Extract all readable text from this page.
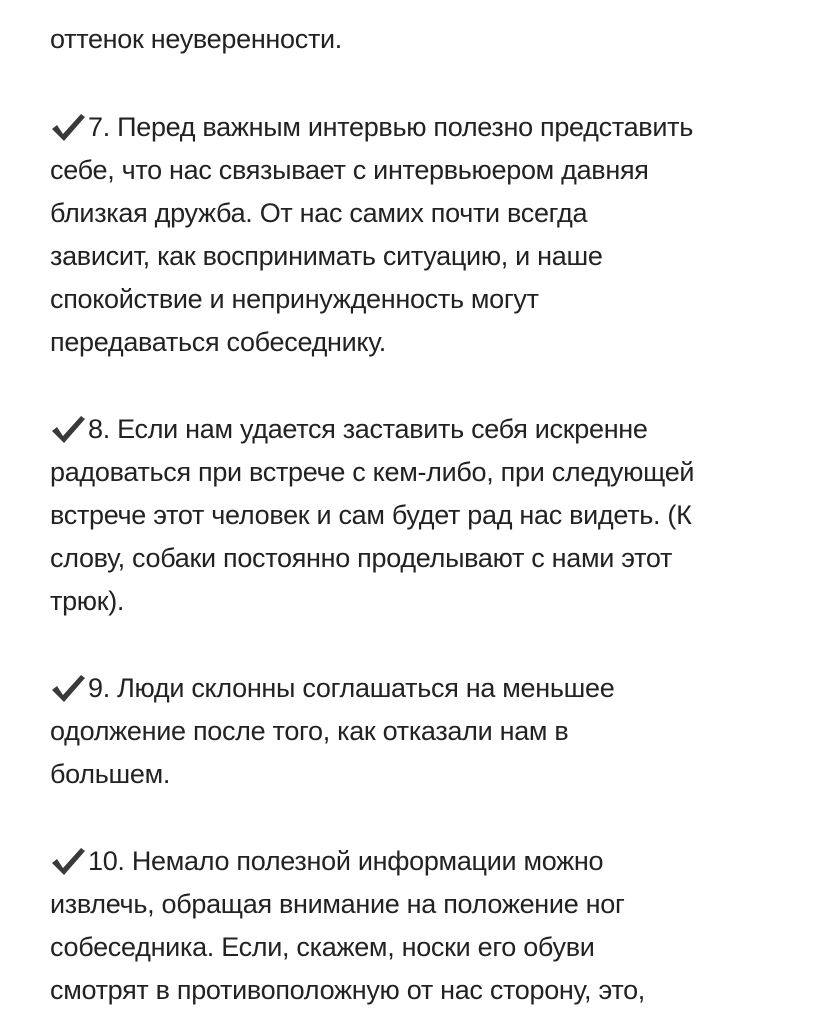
оттенок неуверенности.
7. Перед важным интервью полезно представить
себе, что нас связывает с интервьюером давняя
близкая дружба. От нас самих почти всегда
зависит, как воспринимать ситуацию, и наше
спокойствие и непринужденность могут
передаваться собеседнику.
8. Если нам удается заставить себя искренне
радоваться при встрече с кем-либо, при следующей
встрече этот человек и сам будет рад нас видеть. (К
слову, собаки постоянно проделывают с нами этот
трюк).
9. Люди склонны соглашаться на меньшее
одолжение после того, как отказали нам в
большем.
10. Немало полезной информации можно
извлечь, обращая внимание на положение ног
собеседника. Если, скажем, носки его обуви
смотрят в противоположную от нас сторону, это,
